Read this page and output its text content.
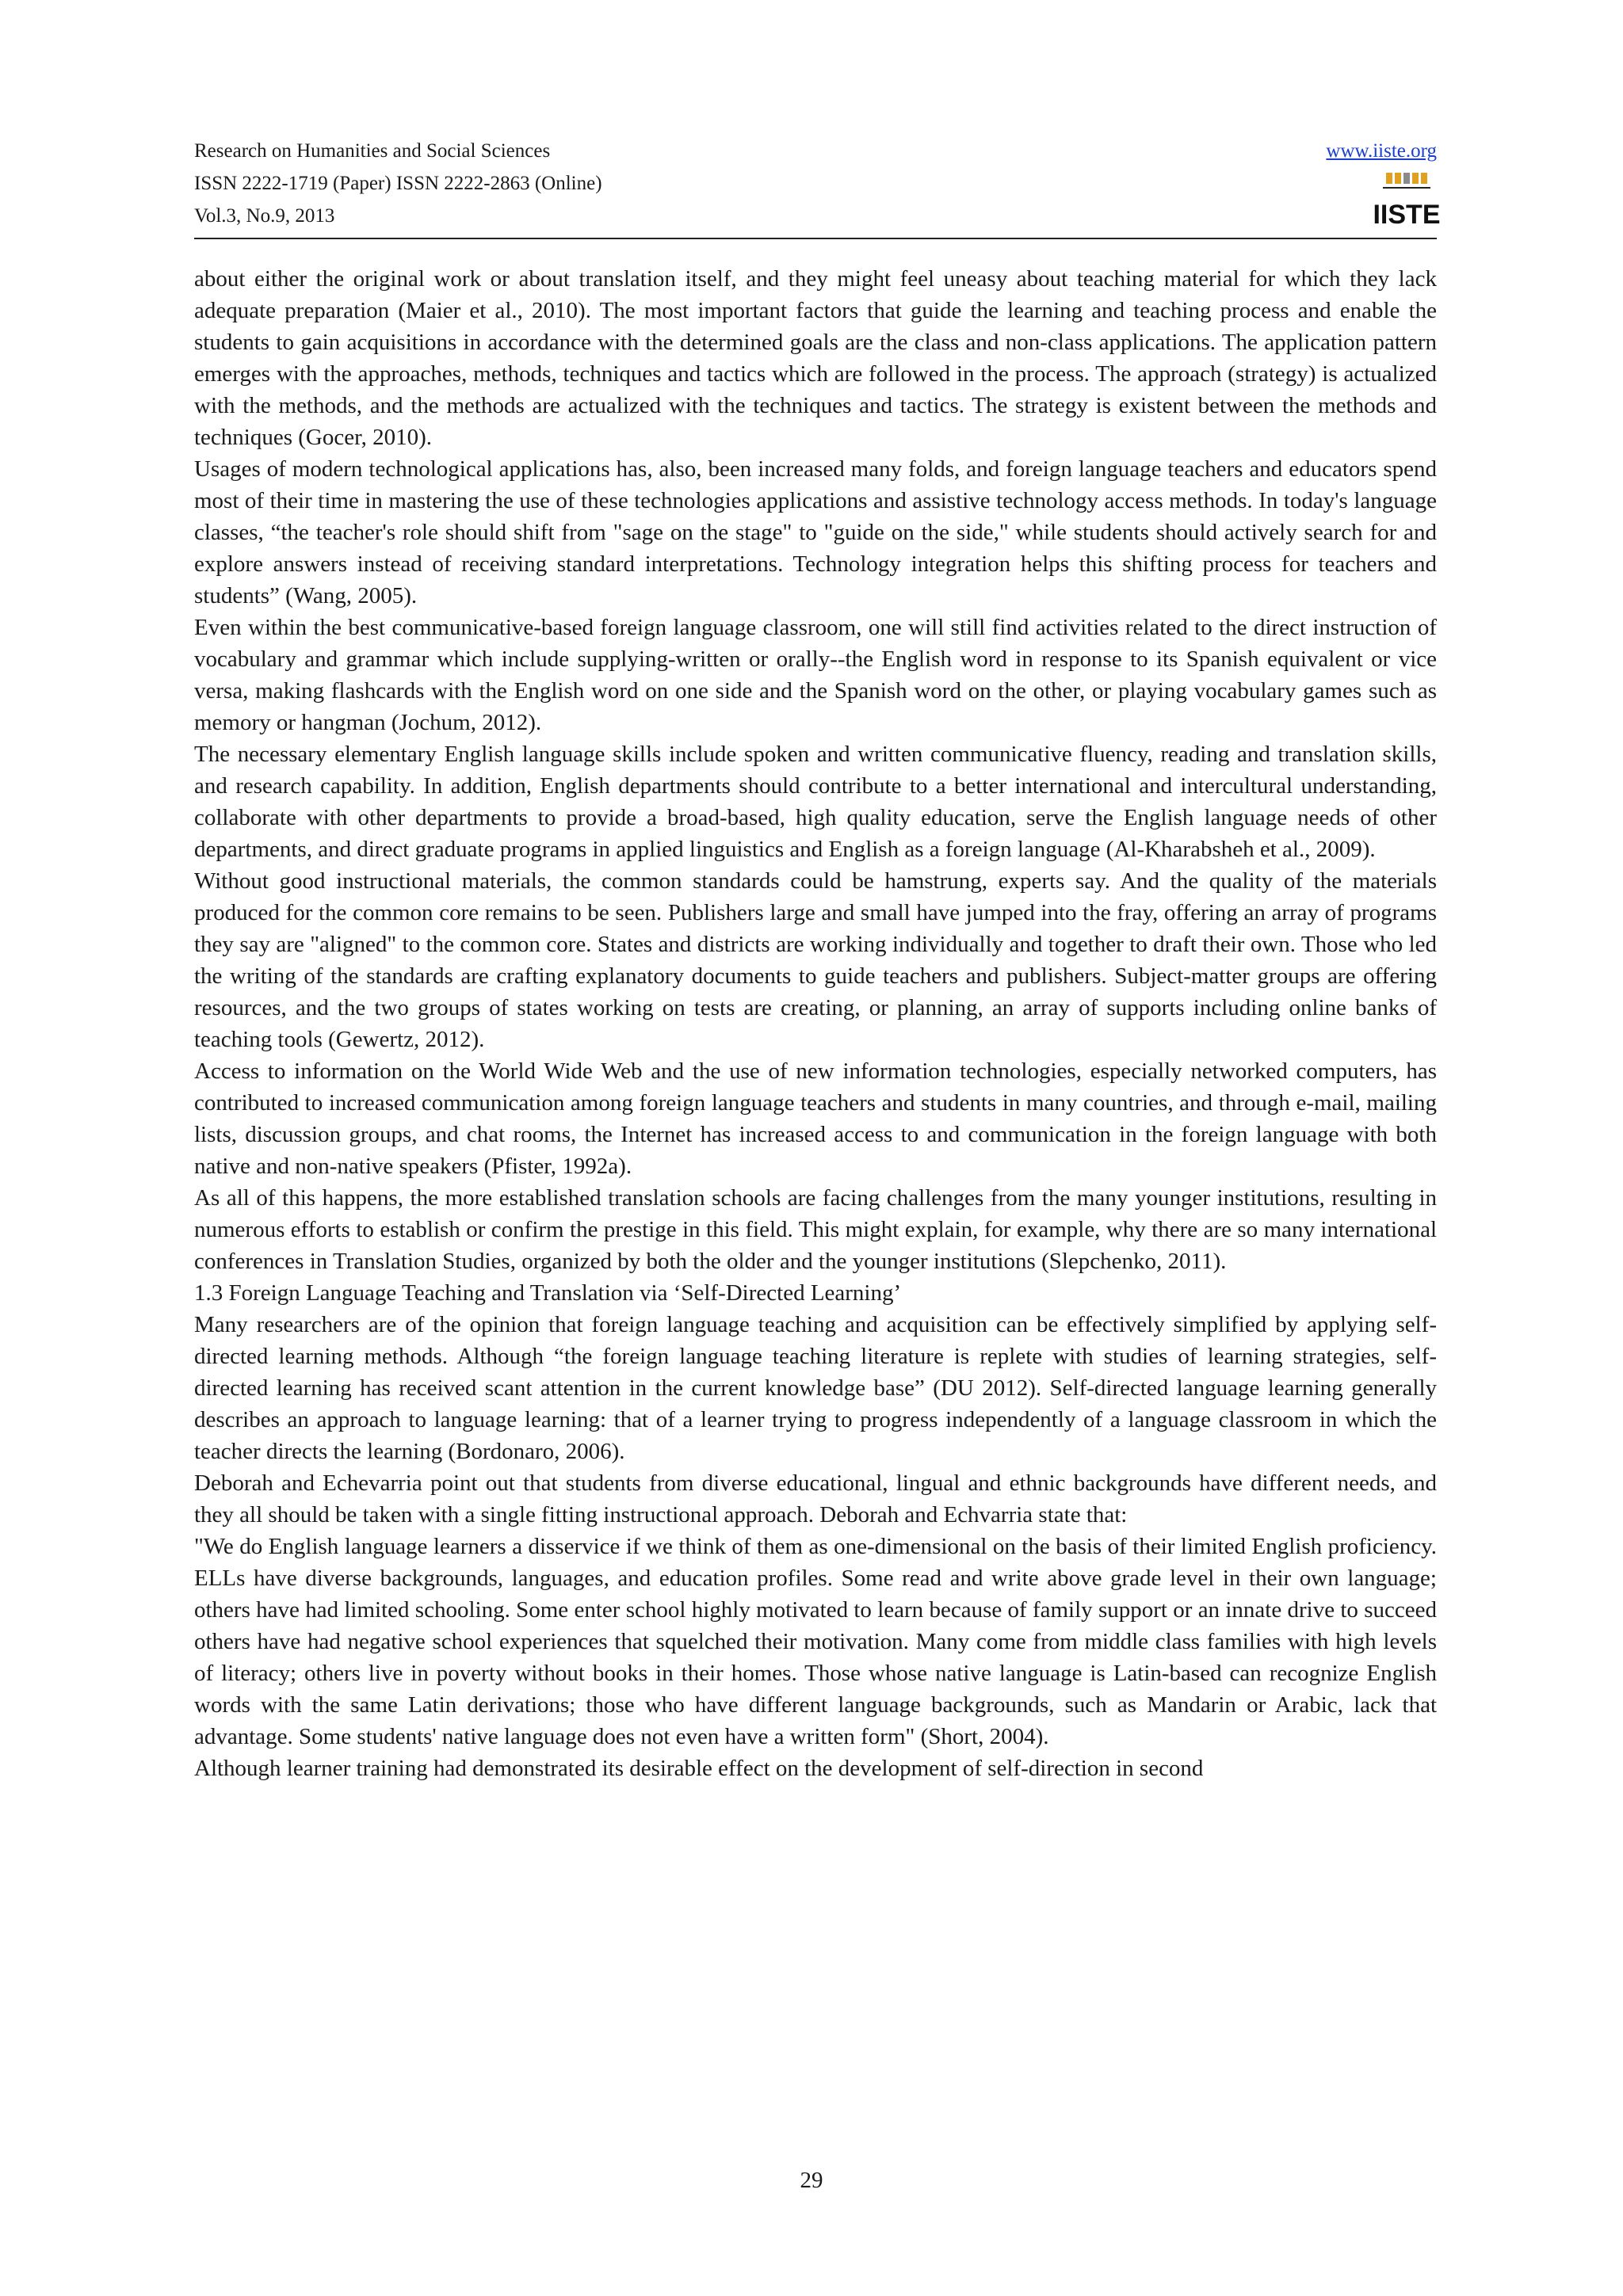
Research on Humanities and Social Sciences
ISSN 2222-1719 (Paper) ISSN 2222-2863 (Online)
Vol.3, No.9, 2013
www.iiste.org
IISTE

about either the original work or about translation itself, and they might feel uneasy about teaching material for which they lack adequate preparation (Maier et al., 2010). The most important factors that guide the learning and teaching process and enable the students to gain acquisitions in accordance with the determined goals are the class and non-class applications. The application pattern emerges with the approaches, methods, techniques and tactics which are followed in the process. The approach (strategy) is actualized with the methods, and the methods are actualized with the techniques and tactics. The strategy is existent between the methods and techniques (Gocer, 2010).

Usages of modern technological applications has, also, been increased many folds, and foreign language teachers and educators spend most of their time in mastering the use of these technologies applications and assistive technology access methods. In today's language classes, “the teacher's role should shift from "sage on the stage" to "guide on the side," while students should actively search for and explore answers instead of receiving standard interpretations. Technology integration helps this shifting process for teachers and students” (Wang, 2005).

Even within the best communicative-based foreign language classroom, one will still find activities related to the direct instruction of vocabulary and grammar which include supplying-written or orally--the English word in response to its Spanish equivalent or vice versa, making flashcards with the English word on one side and the Spanish word on the other, or playing vocabulary games such as memory or hangman (Jochum, 2012).

The necessary elementary English language skills include spoken and written communicative fluency, reading and translation skills, and research capability. In addition, English departments should contribute to a better international and intercultural understanding, collaborate with other departments to provide a broad-based, high quality education, serve the English language needs of other departments, and direct graduate programs in applied linguistics and English as a foreign language (Al-Kharabsheh et al., 2009).

Without good instructional materials, the common standards could be hamstrung, experts say. And the quality of the materials produced for the common core remains to be seen. Publishers large and small have jumped into the fray, offering an array of programs they say are "aligned" to the common core. States and districts are working individually and together to draft their own. Those who led the writing of the standards are crafting explanatory documents to guide teachers and publishers. Subject-matter groups are offering resources, and the two groups of states working on tests are creating, or planning, an array of supports including online banks of teaching tools (Gewertz, 2012).

Access to information on the World Wide Web and the use of new information technologies, especially networked computers, has contributed to increased communication among foreign language teachers and students in many countries, and through e-mail, mailing lists, discussion groups, and chat rooms, the Internet has increased access to and communication in the foreign language with both native and non-native speakers (Pfister, 1992a).

As all of this happens, the more established translation schools are facing challenges from the many younger institutions, resulting in numerous efforts to establish or confirm the prestige in this field. This might explain, for example, why there are so many international conferences in Translation Studies, organized by both the older and the younger institutions (Slepchenko, 2011).

1.3 Foreign Language Teaching and Translation via ‘Self-Directed Learning’

Many researchers are of the opinion that foreign language teaching and acquisition can be effectively simplified by applying self-directed learning methods. Although “the foreign language teaching literature is replete with studies of learning strategies, self-directed learning has received scant attention in the current knowledge base” (DU 2012). Self-directed language learning generally describes an approach to language learning: that of a learner trying to progress independently of a language classroom in which the teacher directs the learning (Bordonaro, 2006).

Deborah and Echevarria point out that students from diverse educational, lingual and ethnic backgrounds have different needs, and they all should be taken with a single fitting instructional approach. Deborah and Echvarria state that:

"We do English language learners a disservice if we think of them as one-dimensional on the basis of their limited English proficiency. ELLs have diverse backgrounds, languages, and education profiles. Some read and write above grade level in their own language; others have had limited schooling. Some enter school highly motivated to learn because of family support or an innate drive to succeed others have had negative school experiences that squelched their motivation. Many come from middle class families with high levels of literacy; others live in poverty without books in their homes. Those whose native language is Latin-based can recognize English words with the same Latin derivations; those who have different language backgrounds, such as Mandarin or Arabic, lack that advantage. Some students' native language does not even have a written form" (Short, 2004).

Although learner training had demonstrated its desirable effect on the development of self-direction in second

29
